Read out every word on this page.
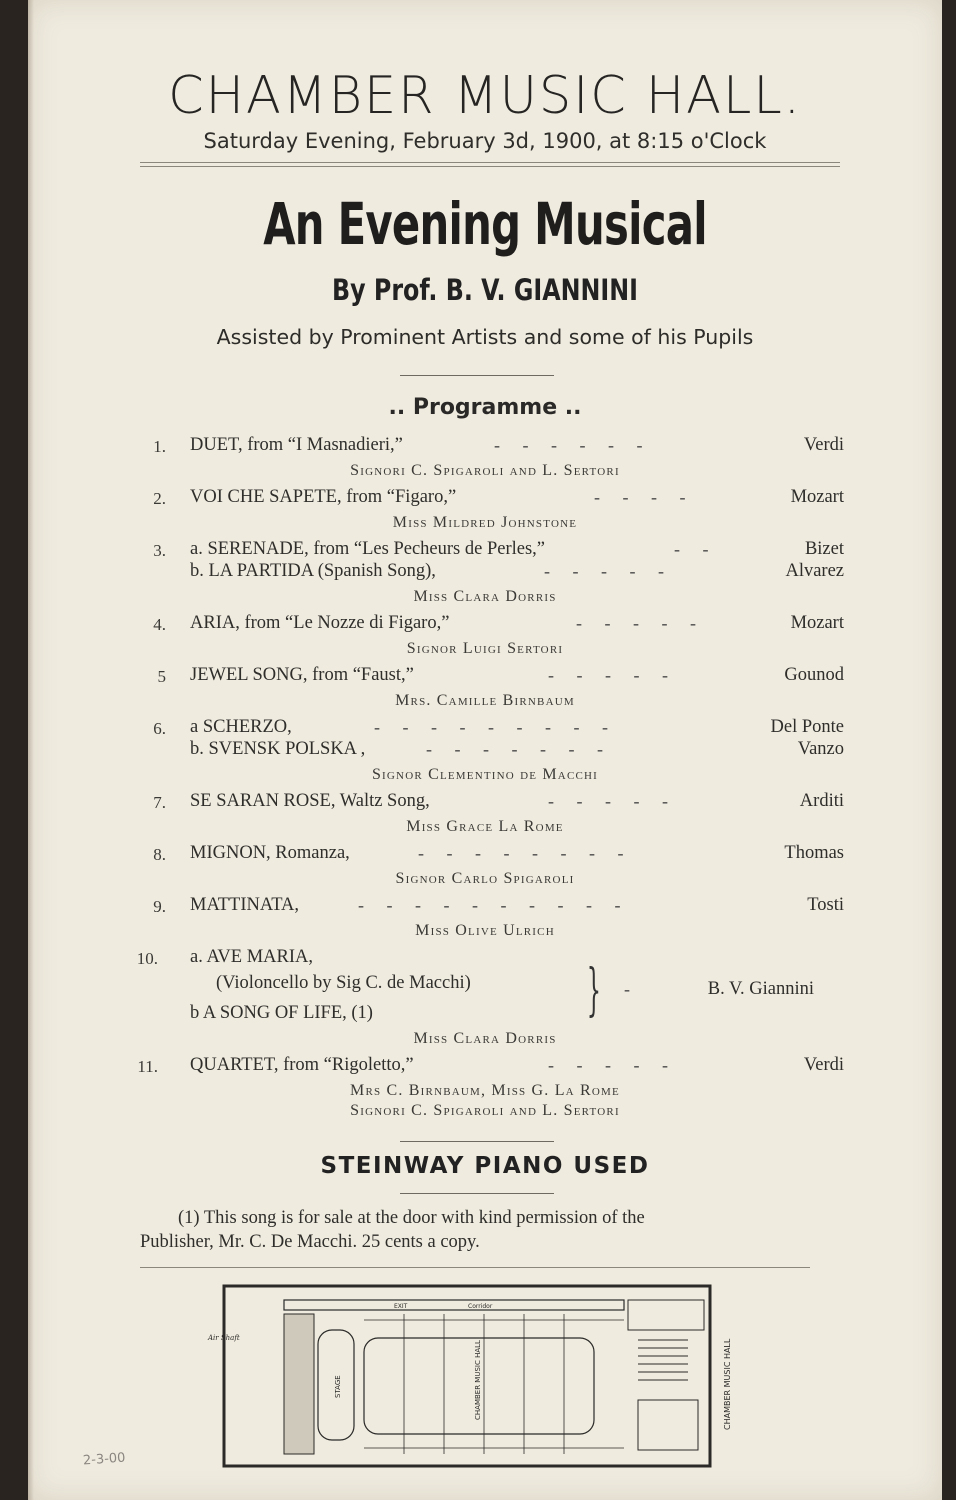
CHAMBER MUSIC HALL.
Saturday Evening, February 3d, 1900, at 8:15 o'Clock
An Evening Musical
By Prof. B. V. GIANNINI
Assisted by Prominent Artists and some of his Pupils
.. Programme ..
1. DUET, from “I Masnadieri,”	-     -     -     -     -     -	Verdi
Signori C. Spigaroli and L. Sertori
2. VOI CHE SAPETE, from “Figaro,”	-     -     -     -	Mozart
Miss Mildred Johnstone
3. a. SERENADE, from “Les Pecheurs de Perles,”	-     -	Bizet
b. LA PARTIDA (Spanish Song),	-     -     -     -     -	Alvarez
Miss Clara Dorris
4. ARIA, from “Le Nozze di Figaro,”	-     -     -     -     -	Mozart
Signor Luigi Sertori
5 JEWEL SONG, from “Faust,”	-     -     -     -     -	Gounod
Mrs. Camille Birnbaum
6. a SCHERZO,	-     -     -     -     -     -     -     -     -	Del Ponte
b. SVENSK POLSKA ,	-     -     -     -     -     -     -	Vanzo
Signor Clementino de Macchi
7. SE SARAN ROSE, Waltz Song,	-     -     -     -     -	Arditi
Miss Grace La Rome
8. MIGNON, Romanza,	-     -     -     -     -     -     -     -	Thomas
Signor Carlo Spigaroli
9. MATTINATA,	-     -     -     -     -     -     -     -     -     -	Tosti
Miss Olive Ulrich
10. a. AVE MARIA,
(Violoncello by Sig C. de Macchi) } -	B. V. Giannini
b A SONG OF LIFE, (1)
Miss Clara Dorris
11. QUARTET, from “Rigoletto,”	-     -     -     -     -	Verdi
Mrs C. Birnbaum, Miss G. La Rome
Signori C. Spigaroli and L. Sertori
STEINWAY PIANO USED
(1) This song is for sale at the door with kind permission of the
Publisher, Mr. C. De Macchi. 25 cents a copy.
EXIT	Corridor
Air Shaft
STAGE	CHAMBER MUSIC HALL	CHAMBER MUSIC HALL
2-3-00
